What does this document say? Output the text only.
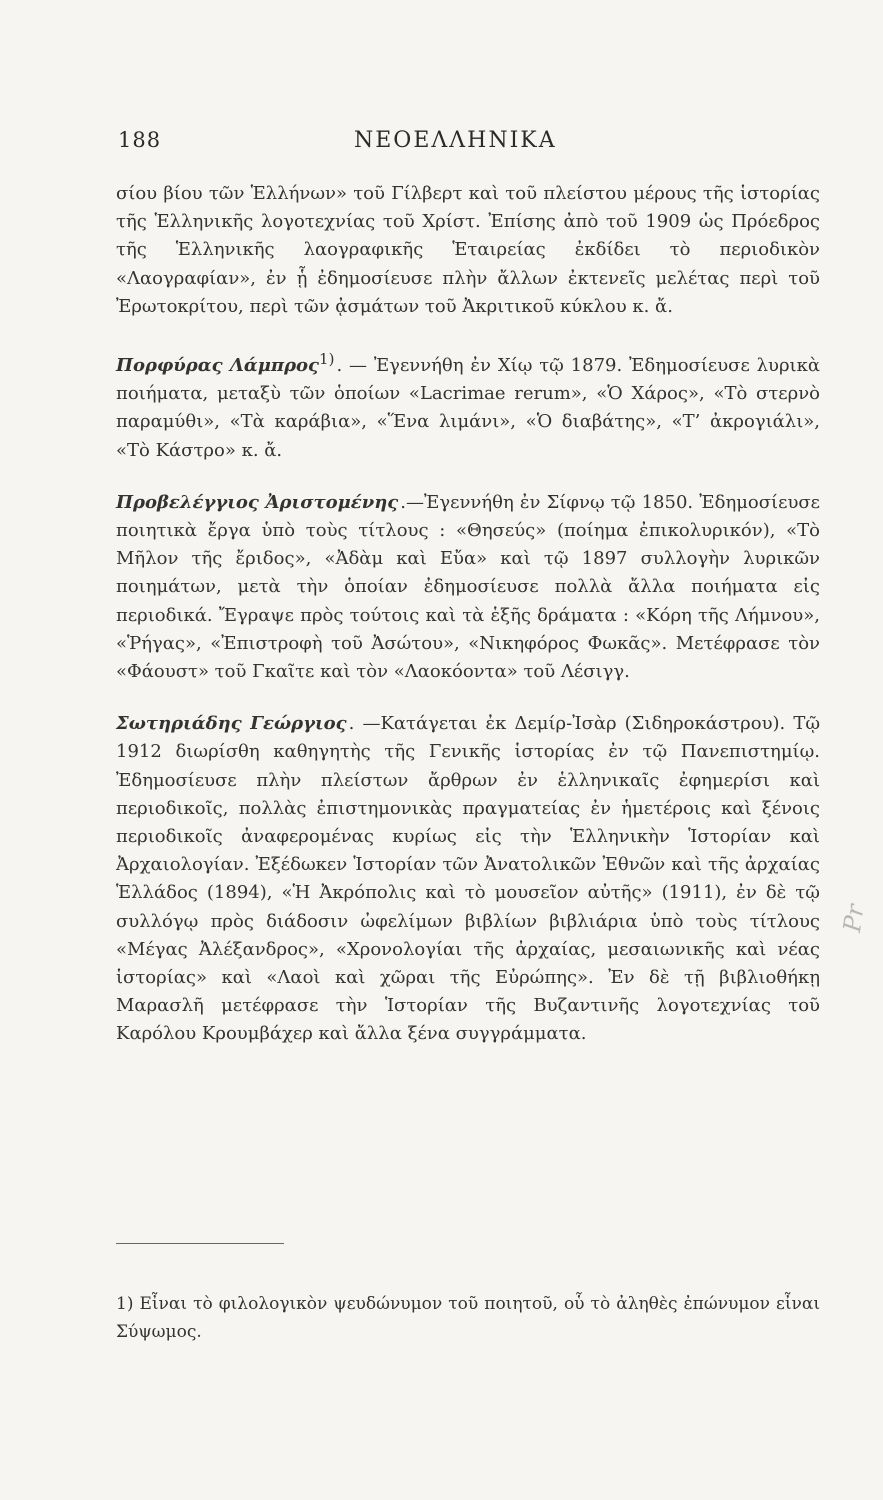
188	ΝΕΟΕΛΛΗΝΙΚΑ

σίου βίου τῶν Ἑλλήνων» τοῦ Γίλβερτ καὶ τοῦ πλείστου μέρους τῆς ἱστορίας τῆς Ἑλληνικῆς λογοτεχνίας τοῦ Χρίστ. Ἐπίσης ἀπὸ τοῦ 1909 ὡς Πρόεδρος τῆς Ἑλληνικῆς λαογραφικῆς Ἑταιρείας ἐκδίδει τὸ περιοδικὸν «Λαογραφίαν», ἐν ᾗ ἐδημοσίευσε πλὴν ἄλλων ἐκτενεῖς μελέτας περὶ τοῦ Ἐρωτοκρίτου, περὶ τῶν ᾀσμάτων τοῦ Ἀκριτικοῦ κύκλου κ. ἄ.

Πορφύρας Λάμπρος$^{1)}$ . — Ἐγεννήθη ἐν Χίῳ τῷ 1879. Ἐδημοσίευσε λυρικὰ ποιήματα, μεταξὺ τῶν ὁποίων «Lacrimae rerum», «Ὁ Χάρος», «Τὸ στερνὸ παραμύθι», «Τὰ καράβια», «Ἕνα λιμάνι», «Ὁ διαβάτης», «Τ’ ἀκρογιάλι», «Τὸ Κάστρο» κ. ἄ.

Προβελέγγιος Ἀριστομένης .—Ἐγεννήθη ἐν Σίφνῳ τῷ 1850. Ἐδημοσίευσε ποιητικὰ ἔργα ὑπὸ τοὺς τίτλους : «Θησεύς» (ποίημα ἐπικολυρικόν), «Τὸ Μῆλον τῆς ἔριδος», «Ἀδὰμ καὶ Εὔα» καὶ τῷ 1897 συλλογὴν λυρικῶν ποιημάτων, μετὰ τὴν ὁποίαν ἐδημοσίευσε πολλὰ ἄλλα ποιήματα εἰς περιοδικά. Ἔγραψε πρὸς τούτοις καὶ τὰ ἑξῆς δράματα : «Κόρη τῆς Λήμνου», «Ῥήγας», «Ἐπιστροφὴ τοῦ Ἀσώτου», «Νικηφόρος Φωκᾶς». Μετέφρασε τὸν «Φάουστ» τοῦ Γκαῖτε καὶ τὸν «Λαοκόοντα» τοῦ Λέσιγγ.

Σωτηριάδης Γεώργιος . —Κατάγεται ἐκ Δεμίρ-Ἰσὰρ (Σιδηροκάστρου). Τῷ 1912 διωρίσθη καθηγητὴς τῆς Γενικῆς ἱστορίας ἐν τῷ Πανεπιστημίῳ. Ἐδημοσίευσε πλὴν πλείστων ἄρθρων ἐν ἑλληνικαῖς ἐφημερίσι καὶ περιοδικοῖς, πολλὰς ἐπιστημονικὰς πραγματείας ἐν ἡμετέροις καὶ ξένοις περιοδικοῖς ἀναφερομένας κυρίως εἰς τὴν Ἑλληνικὴν Ἱστορίαν καὶ Ἀρχαιολογίαν. Ἐξέδωκεν Ἱστορίαν τῶν Ἀνατολικῶν Ἐθνῶν καὶ τῆς ἀρχαίας Ἑλλάδος (1894), «Ἡ Ἀκρόπολις καὶ τὸ μουσεῖον αὐτῆς» (1911), ἐν δὲ τῷ συλλόγῳ πρὸς διάδοσιν ὠφελίμων βιβλίων βιβλιάρια ὑπὸ τοὺς τίτλους «Μέγας Ἀλέξανδρος», «Χρονολογίαι τῆς ἀρχαίας, μεσαιωνικῆς καὶ νέας ἱστορίας» καὶ «Λαοὶ καὶ χῶραι τῆς Εὐρώπης». Ἐν δὲ τῇ βιβλιοθήκῃ Μαρασλῆ μετέφρασε τὴν Ἱστορίαν τῆς Βυζαντινῆς λογοτεχνίας τοῦ Καρόλου Κρουμβάχερ καὶ ἄλλα ξένα συγγράμματα.

1) Εἶναι τὸ φιλολογικὸν ψευδώνυμον τοῦ ποιητοῦ, οὗ τὸ ἀληθὲς ἐπώνυμον εἶναι Σύψωμος.
Pr
